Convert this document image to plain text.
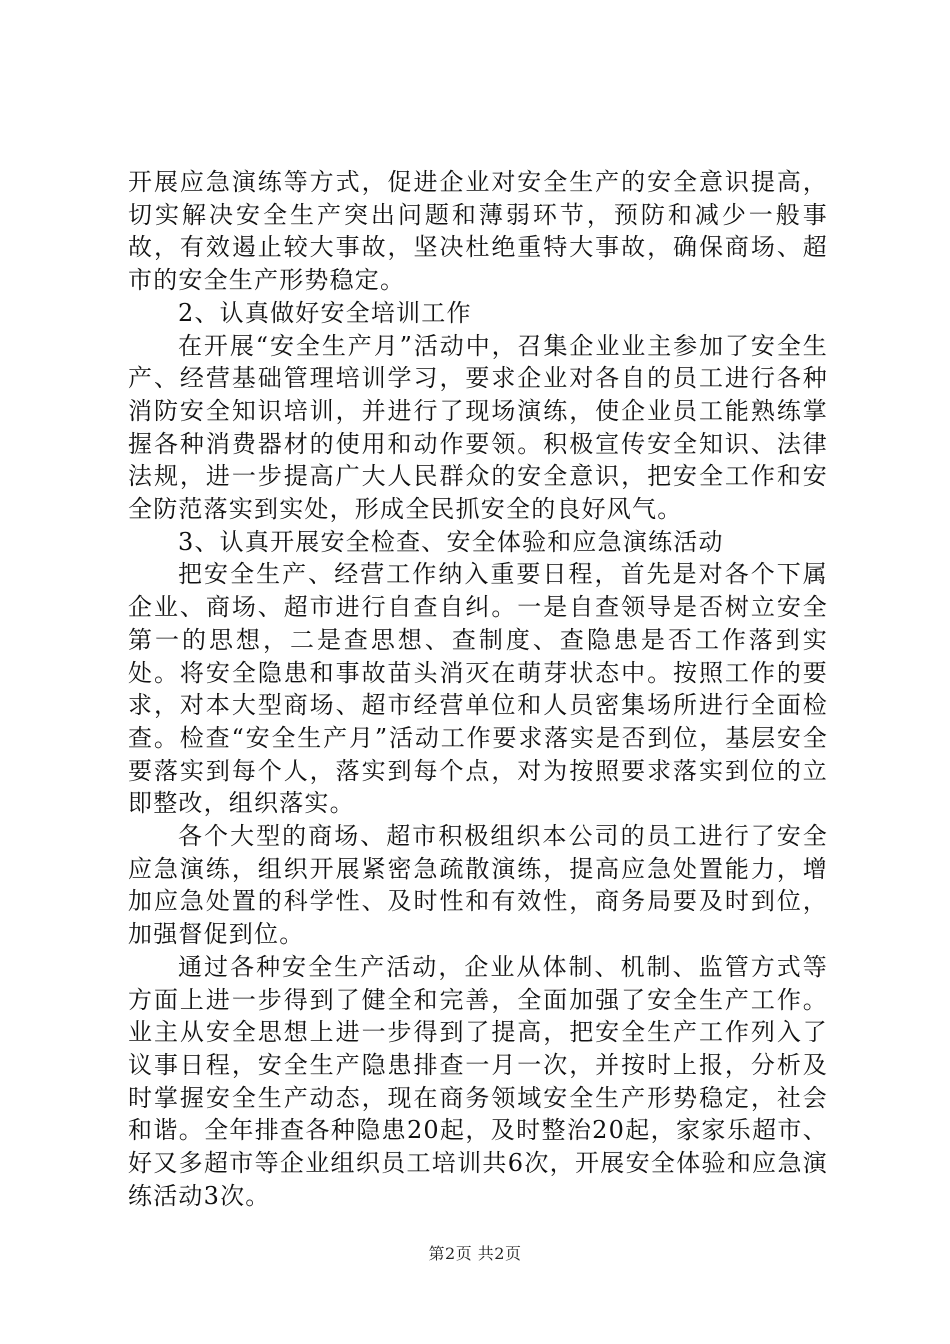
开展应急演练等方式，促进企业对安全生产的安全意识提高，切实解决安全生产突出问题和薄弱环节，预防和减少一般事故，有效遏止较大事故，坚决杜绝重特大事故，确保商场、超市的安全生产形势稳定。

2、认真做好安全培训工作

在开展“安全生产月”活动中，召集企业业主参加了安全生产、经营基础管理培训学习，要求企业对各自的员工进行各种消防安全知识培训，并进行了现场演练，使企业员工能熟练掌握各种消费器材的使用和动作要领。积极宣传安全知识、法律法规，进一步提高广大人民群众的安全意识，把安全工作和安全防范落实到实处，形成全民抓安全的良好风气。

3、认真开展安全检查、安全体验和应急演练活动

把安全生产、经营工作纳入重要日程，首先是对各个下属企业、商场、超市进行自查自纠。一是自查领导是否树立安全第一的思想，二是查思想、查制度、查隐患是否工作落到实处。将安全隐患和事故苗头消灭在萌芽状态中。按照工作的要求，对本大型商场、超市经营单位和人员密集场所进行全面检查。检查“安全生产月”活动工作要求落实是否到位，基层安全要落实到每个人，落实到每个点，对为按照要求落实到位的立即整改，组织落实。

各个大型的商场、超市积极组织本公司的员工进行了安全应急演练，组织开展紧密急疏散演练，提高应急处置能力，增加应急处置的科学性、及时性和有效性，商务局要及时到位，加强督促到位。

通过各种安全生产活动，企业从体制、机制、监管方式等方面上进一步得到了健全和完善，全面加强了安全生产工作。业主从安全思想上进一步得到了提高，把安全生产工作列入了议事日程，安全生产隐患排查一月一次，并按时上报，分析及时掌握安全生产动态，现在商务领域安全生产形势稳定，社会和谐。全年排查各种隐患20起，及时整治20起，家家乐超市、好又多超市等企业组织员工培训共6次，开展安全体验和应急演练活动3次。

第2页 共2页
